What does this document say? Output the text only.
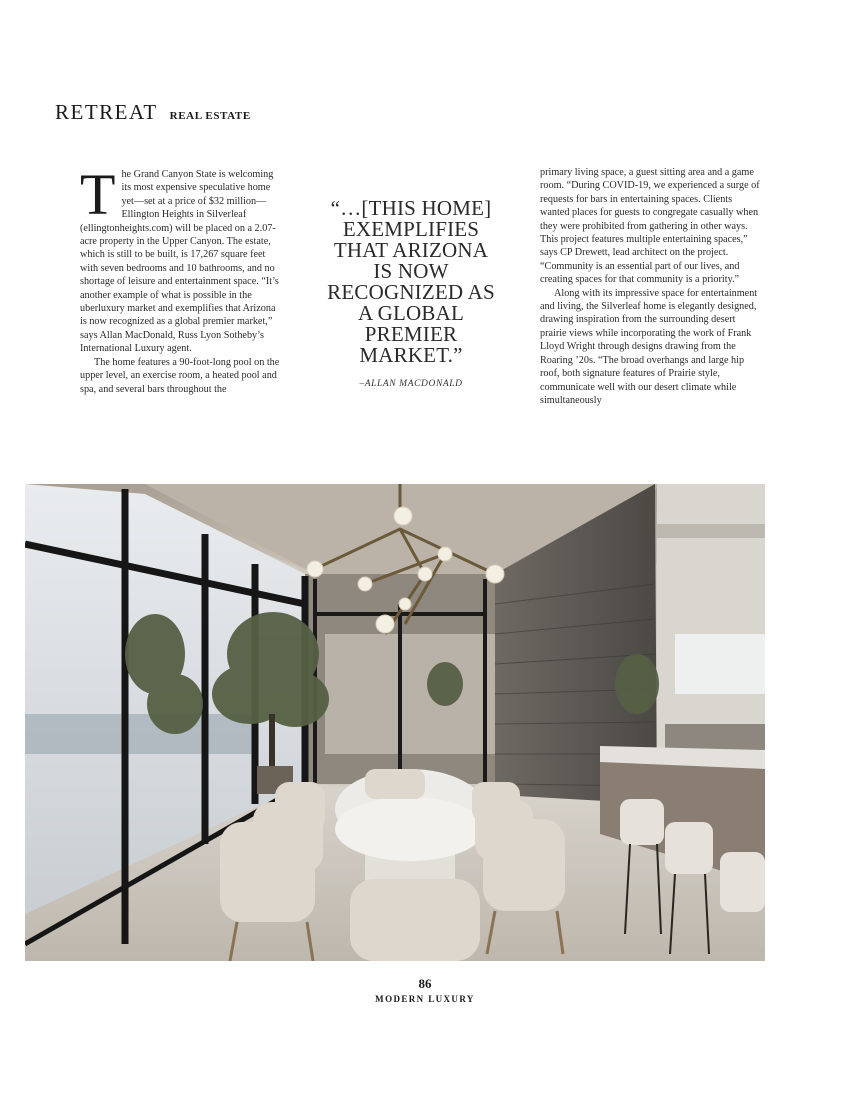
RETREAT REAL ESTATE

The Grand Canyon State is welcoming its most expensive speculative home yet—set at a price of $32 million—Ellington Heights in Silverleaf (ellingtonheights.com) will be placed on a 2.07-acre property in the Upper Canyon. The estate, which is still to be built, is 17,267 square feet with seven bedrooms and 10 bathrooms, and no shortage of leisure and entertainment space. “It’s another example of what is possible in the uberluxury market and exemplifies that Arizona is now recognized as a global premier market,” says Allan MacDonald, Russ Lyon Sotheby’s International Luxury agent.

The home features a 90-foot-long pool on the upper level, an exercise room, a heated pool and spa, and several bars throughout the

“…[THIS HOME] EXEMPLIFIES THAT ARIZONA IS NOW RECOGNIZED AS A GLOBAL PREMIER MARKET.”
–ALLAN MACDONALD

primary living space, a guest sitting area and a game room. “During COVID-19, we experienced a surge of requests for bars in entertaining spaces. Clients wanted places for guests to congregate casually when they were prohibited from gathering in other ways. This project features multiple entertaining spaces,” says CP Drewett, lead architect on the project. “Community is an essential part of our lives, and creating spaces for that community is a priority.”

Along with its impressive space for entertainment and living, the Silverleaf home is elegantly designed, drawing inspiration from the surrounding desert prairie views while incorporating the work of Frank Lloyd Wright through designs drawing from the Roaring ’20s. “The broad overhangs and large hip roof, both signature features of Prairie style, communicate well with our desert climate while simultaneously

86
MODERN LUXURY
